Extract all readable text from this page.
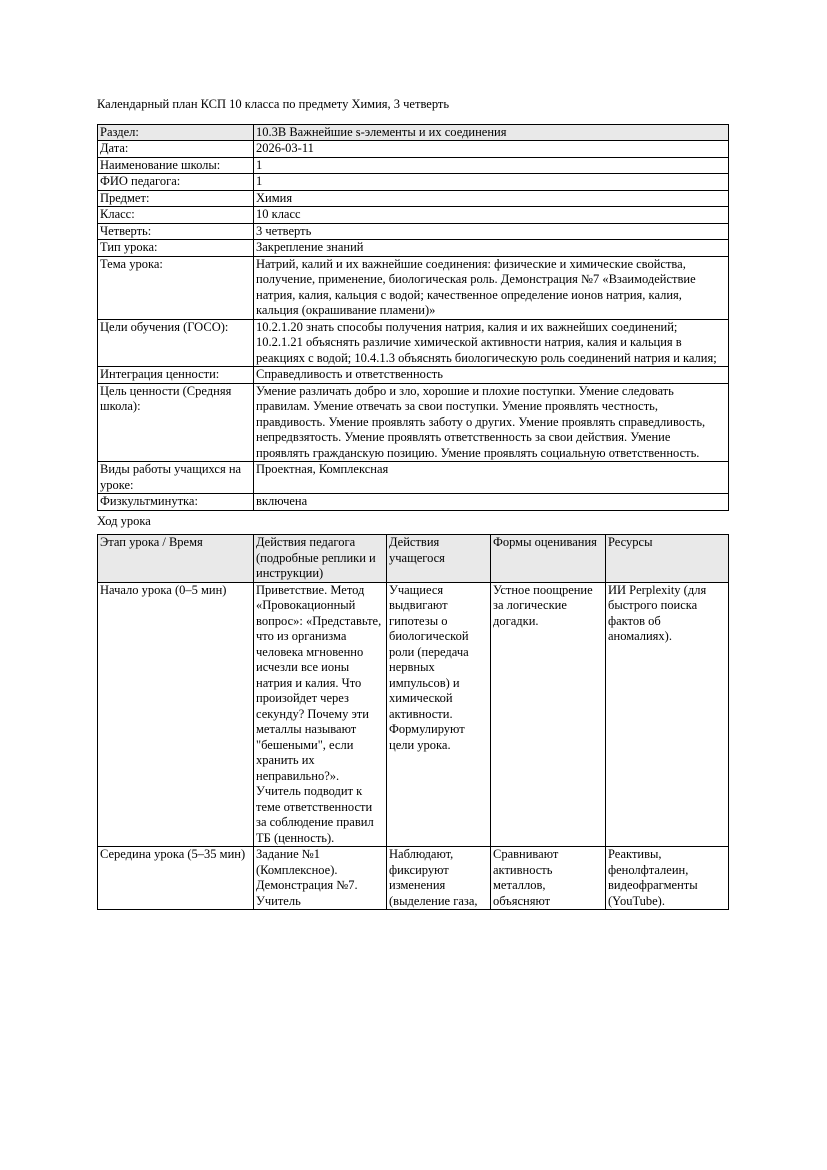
Календарный план КСП 10 класса по предмету Химия, 3 четверть

Раздел:	10.3В Важнейшие s-элементы и их соединения
Дата:	2026-03-11
Наименование школы:	1
ФИО педагога:	1
Предмет:	Химия
Класс:	10 класс
Четверть:	3 четверть
Тип урока:	Закрепление знаний
Тема урока:	Натрий, калий и их важнейшие соединения: физические и химические свойства, получение, применение, биологическая роль. Демонстрация №7 «Взаимодействие натрия, калия, кальция с водой; качественное определение ионов натрия, калия, кальция (окрашивание пламени)»
Цели обучения (ГОСО):	10.2.1.20 знать способы получения натрия, калия и их важнейших соединений; 10.2.1.21 объяснять различие химической активности натрия, калия и кальция в реакциях с водой; 10.4.1.3 объяснять биологическую роль соединений натрия и калия;
Интеграция ценности:	Справедливость и ответственность
Цель ценности (Средняя школа):	Умение различать добро и зло, хорошие и плохие поступки. Умение следовать правилам. Умение отвечать за свои поступки. Умение проявлять честность, правдивость. Умение проявлять заботу о других. Умение проявлять справедливость, непредвзятость. Умение проявлять ответственность за свои действия. Умение проявлять гражданскую позицию. Умение проявлять социальную ответственность.
Виды работы учащихся на уроке:	Проектная, Комплексная
Физкультминутка:	включена

Ход урока

Этап урока / Время	Действия педагога (подробные реплики и инструкции)	Действия учащегося	Формы оценивания	Ресурсы
Начало урока (0–5 мин)	Приветствие. Метод «Провокационный вопрос»: «Представьте, что из организма человека мгновенно исчезли все ионы натрия и калия. Что произойдет через секунду? Почему эти металлы называют "бешеными", если хранить их неправильно?». Учитель подводит к теме ответственности за соблюдение правил ТБ (ценность).	Учащиеся выдвигают гипотезы о биологической роли (передача нервных импульсов) и химической активности. Формулируют цели урока.	Устное поощрение за логические догадки.	ИИ Perplexity (для быстрого поиска фактов об аномалиях).
Середина урока (5–35 мин)	Задание №1 (Комплексное). Демонстрация №7. Учитель	Наблюдают, фиксируют изменения (выделение газа,	Сравнивают активность металлов, объясняют	Реактивы, фенолфталеин, видеофрагменты (YouTube).
